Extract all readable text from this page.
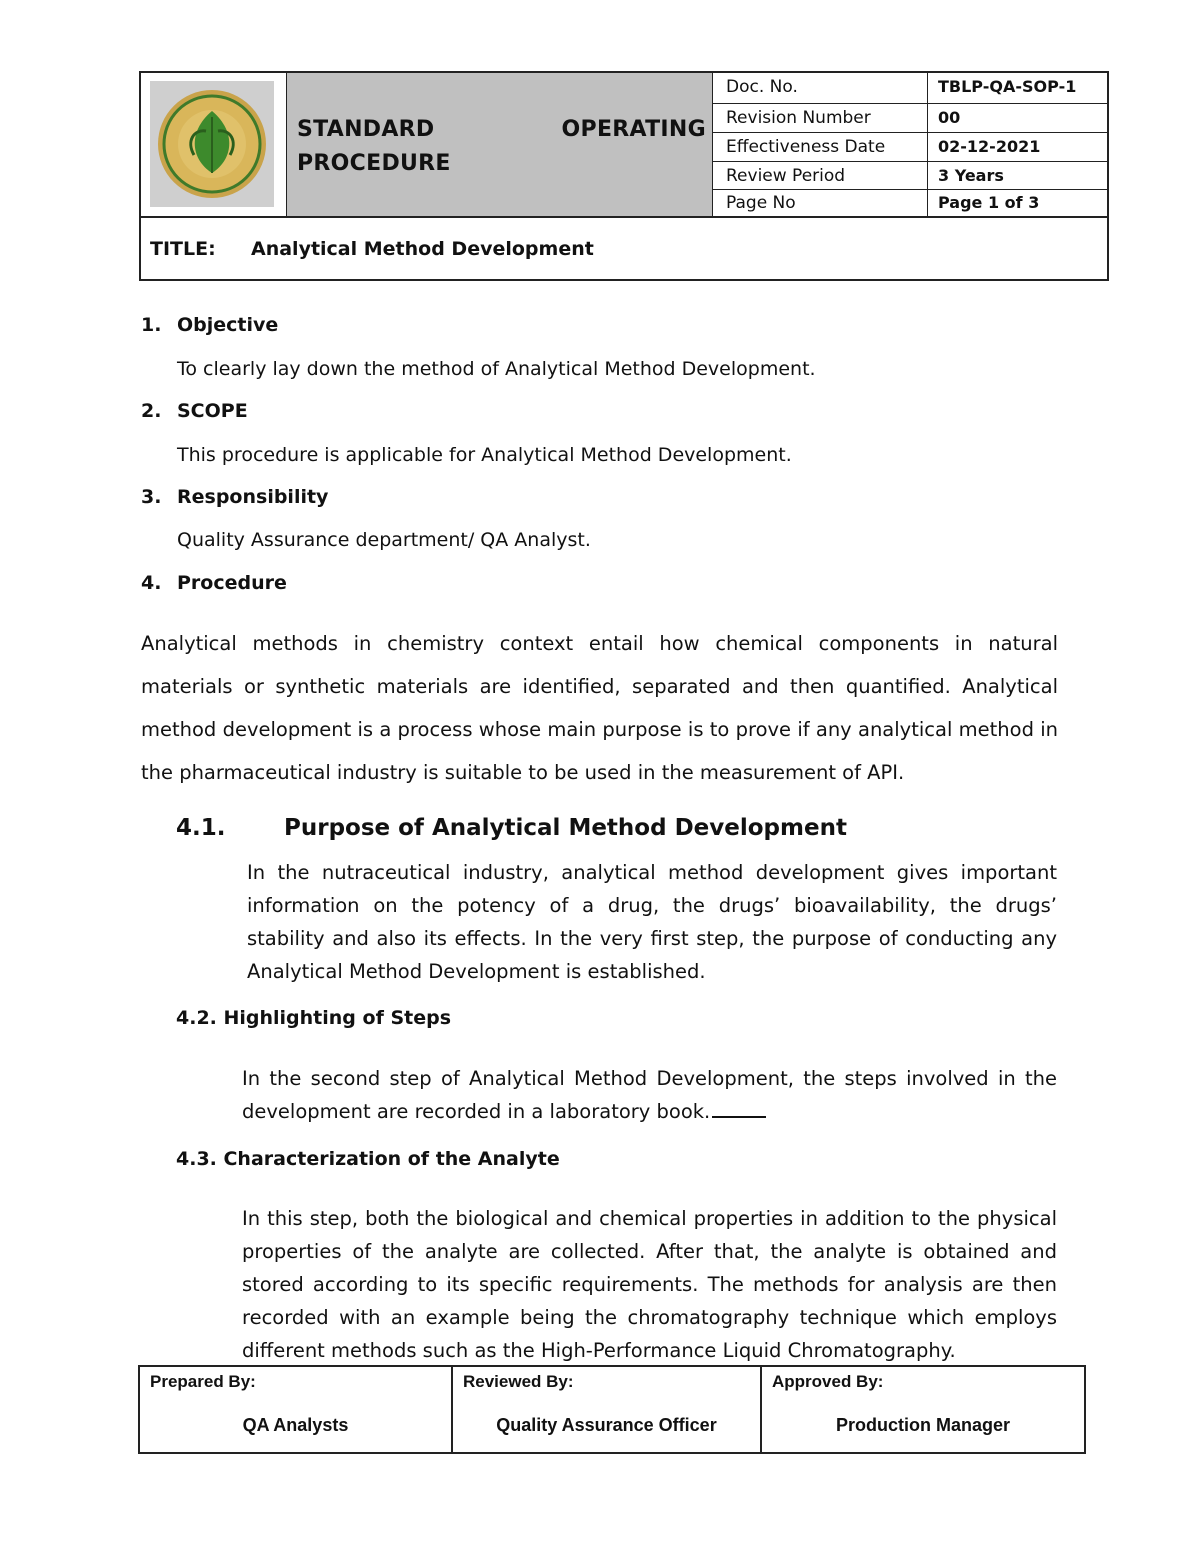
STANDARD	OPERATING
PROCEDURE
Doc. No.	TBLP-QA-SOP-1
Revision Number	00
Effectiveness Date	02-12-2021
Review Period	3 Years
Page No	Page 1 of 3
TITLE: Analytical Method Development
1. Objective
To clearly lay down the method of Analytical Method Development.
2. SCOPE
This procedure is applicable for Analytical Method Development.
3. Responsibility
Quality Assurance department/ QA Analyst.
4. Procedure

Analytical methods in chemistry context entail how chemical components in natural materials or synthetic materials are identified, separated and then quantified. Analytical method development is a process whose main purpose is to prove if any analytical method in the pharmaceutical industry is suitable to be used in the measurement of API.

4.1.	Purpose of Analytical Method Development

In the nutraceutical industry, analytical method development gives important information on the potency of a drug, the drugs’ bioavailability, the drugs’ stability and also its effects. In the very first step, the purpose of conducting any Analytical Method Development is established.

4.2. Highlighting of Steps

In the second step of Analytical Method Development, the steps involved in the development are recorded in a laboratory book.

4.3. Characterization of the Analyte

In this step, both the biological and chemical properties in addition to the physical properties of the analyte are collected. After that, the analyte is obtained and stored according to its specific requirements. The methods for analysis are then recorded with an example being the chromatography technique which employs different methods such as the High-Performance Liquid Chromatography.

Prepared By:
QA Analysts
Reviewed By:
Quality Assurance Officer
Approved By:
Production Manager
